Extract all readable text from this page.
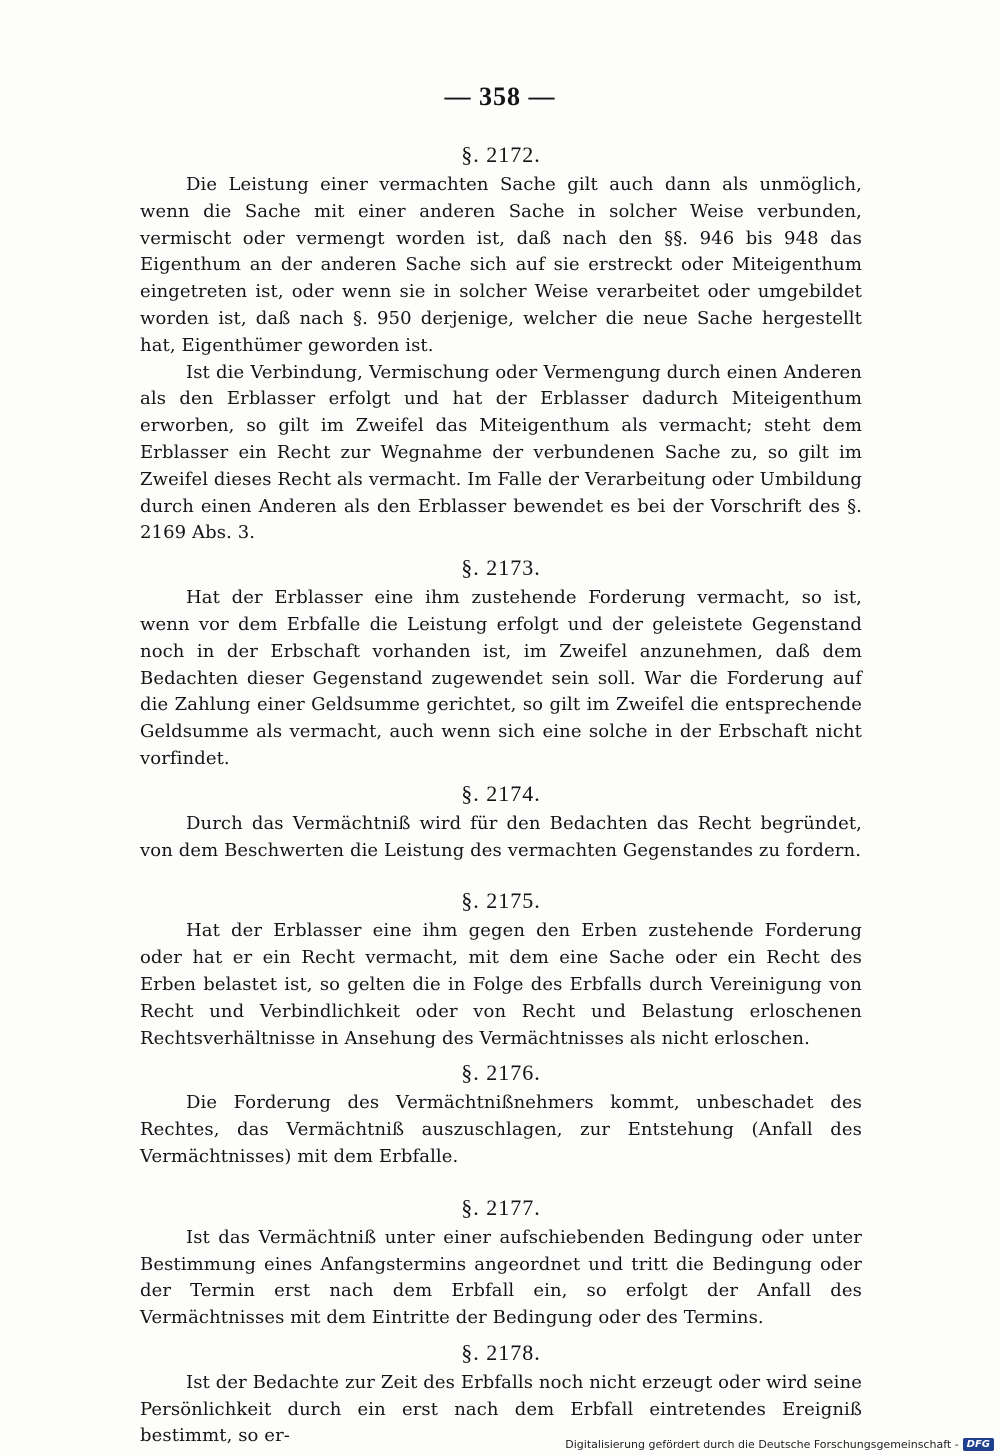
— 358 —
§. 2172.

Die Leistung einer vermachten Sache gilt auch dann als unmöglich, wenn die Sache mit einer anderen Sache in solcher Weise verbunden, vermischt oder vermengt worden ist, daß nach den §§. 946 bis 948 das Eigenthum an der anderen Sache sich auf sie erstreckt oder Miteigenthum eingetreten ist, oder wenn sie in solcher Weise verarbeitet oder umgebildet worden ist, daß nach §. 950 derjenige, welcher die neue Sache hergestellt hat, Eigenthümer geworden ist.

Ist die Verbindung, Vermischung oder Vermengung durch einen Anderen als den Erblasser erfolgt und hat der Erblasser dadurch Miteigenthum erworben, so gilt im Zweifel das Miteigenthum als vermacht; steht dem Erblasser ein Recht zur Wegnahme der verbundenen Sache zu, so gilt im Zweifel dieses Recht als vermacht. Im Falle der Verarbeitung oder Umbildung durch einen Anderen als den Erblasser bewendet es bei der Vorschrift des §. 2169 Abs. 3.

§. 2173.

Hat der Erblasser eine ihm zustehende Forderung vermacht, so ist, wenn vor dem Erbfalle die Leistung erfolgt und der geleistete Gegenstand noch in der Erbschaft vorhanden ist, im Zweifel anzunehmen, daß dem Bedachten dieser Gegenstand zugewendet sein soll. War die Forderung auf die Zahlung einer Geldsumme gerichtet, so gilt im Zweifel die entsprechende Geldsumme als vermacht, auch wenn sich eine solche in der Erbschaft nicht vorfindet.

§. 2174.

Durch das Vermächtniß wird für den Bedachten das Recht begründet, von dem Beschwerten die Leistung des vermachten Gegenstandes zu fordern.

§. 2175.

Hat der Erblasser eine ihm gegen den Erben zustehende Forderung oder hat er ein Recht vermacht, mit dem eine Sache oder ein Recht des Erben belastet ist, so gelten die in Folge des Erbfalls durch Vereinigung von Recht und Verbindlichkeit oder von Recht und Belastung erloschenen Rechtsverhältnisse in Ansehung des Vermächtnisses als nicht erloschen.

§. 2176.

Die Forderung des Vermächtnißnehmers kommt, unbeschadet des Rechtes, das Vermächtniß auszuschlagen, zur Entstehung (Anfall des Vermächtnisses) mit dem Erbfalle.

§. 2177.

Ist das Vermächtniß unter einer aufschiebenden Bedingung oder unter Bestimmung eines Anfangstermins angeordnet und tritt die Bedingung oder der Termin erst nach dem Erbfall ein, so erfolgt der Anfall des Vermächtnisses mit dem Eintritte der Bedingung oder des Termins.

§. 2178.

Ist der Bedachte zur Zeit des Erbfalls noch nicht erzeugt oder wird seine Persönlichkeit durch ein erst nach dem Erbfall eintretendes Ereigniß bestimmt, so er-	Digitalisierung gefördert durch die Deutsche Forschungsgemeinschaft - DFG
